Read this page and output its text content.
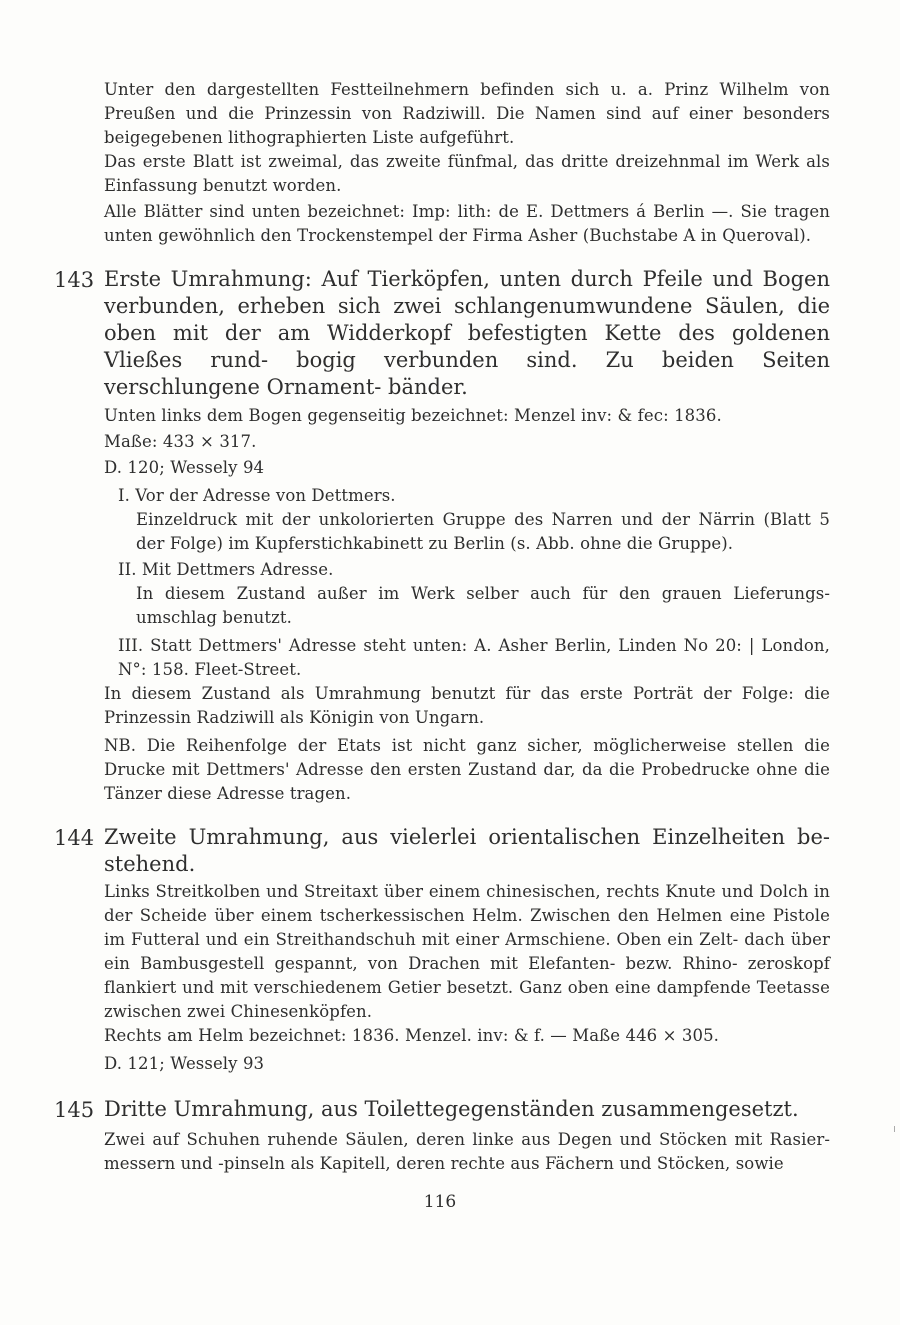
Unter den dargestellten Festteilnehmern befinden sich u. a. Prinz Wilhelm von Preußen und die Prinzessin von Radziwill. Die Namen sind auf einer besonders beigegebenen lithographierten Liste aufgeführt.
Das erste Blatt ist zweimal, das zweite fünfmal, das dritte dreizehnmal im Werk als Einfassung benutzt worden.
Alle Blätter sind unten bezeichnet: Imp: lith: de E. Dettmers á Berlin —. Sie tragen unten gewöhnlich den Trockenstempel der Firma Asher (Buchstabe A in Queroval).
143 Erste Umrahmung: Auf Tierköpfen, unten durch Pfeile und Bogen verbunden, erheben sich zwei schlangenumwundene Säulen, die oben mit der am Widderkopf befestigten Kette des goldenen Vließes rund- bogig verbunden sind. Zu beiden Seiten verschlungene Ornament- bänder.
Unten links dem Bogen gegenseitig bezeichnet: Menzel inv: & fec: 1836.
Maße: 433 × 317.
D. 120; Wessely 94
I. Vor der Adresse von Dettmers.
Einzeldruck mit der unkolorierten Gruppe des Narren und der Närrin (Blatt 5 der Folge) im Kupferstichkabinett zu Berlin (s. Abb. ohne die Gruppe).
II. Mit Dettmers Adresse.
In diesem Zustand außer im Werk selber auch für den grauen Lieferungs- umschlag benutzt.
III. Statt Dettmers' Adresse steht unten: A. Asher Berlin, Linden No 20: | London, N°: 158. Fleet-Street.
In diesem Zustand als Umrahmung benutzt für das erste Porträt der Folge: die Prinzessin Radziwill als Königin von Ungarn.
NB. Die Reihenfolge der Etats ist nicht ganz sicher, möglicherweise stellen die Drucke mit Dettmers' Adresse den ersten Zustand dar, da die Probedrucke ohne die Tänzer diese Adresse tragen.
144 Zweite Umrahmung, aus vielerlei orientalischen Einzelheiten be- stehend.
Links Streitkolben und Streitaxt über einem chinesischen, rechts Knute und Dolch in der Scheide über einem tscherkessischen Helm. Zwischen den Helmen eine Pistole im Futteral und ein Streithandschuh mit einer Armschiene. Oben ein Zelt- dach über ein Bambusgestell gespannt, von Drachen mit Elefanten- bezw. Rhino- zeroskopf flankiert und mit verschiedenem Getier besetzt. Ganz oben eine dampfende Teetasse zwischen zwei Chinesenköpfen.
Rechts am Helm bezeichnet: 1836. Menzel. inv: & f. — Maße 446 × 305.
D. 121; Wessely 93
145 Dritte Umrahmung, aus Toilettegegenständen zusammengesetzt.
Zwei auf Schuhen ruhende Säulen, deren linke aus Degen und Stöcken mit Rasier- messern und -pinseln als Kapitell, deren rechte aus Fächern und Stöcken, sowie
116
